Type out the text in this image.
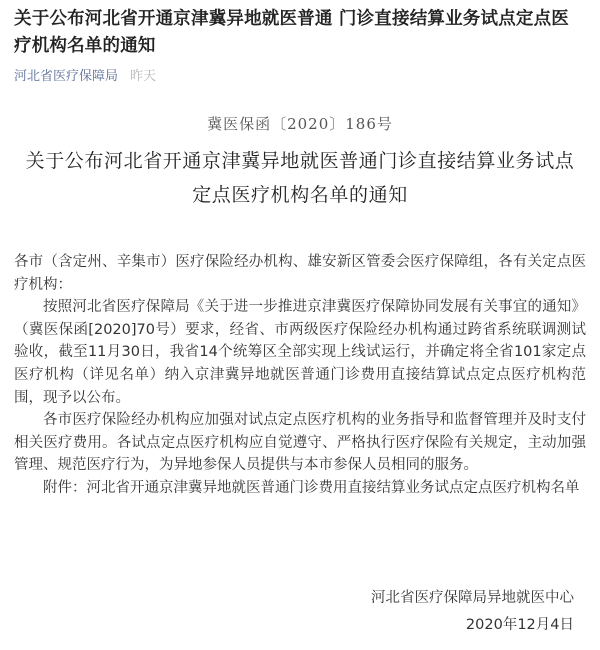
关于公布河北省开通京津冀异地就医普通 门诊直接结算业务试点定点医疗机构名单的通知
河北省医疗保障局 昨天
冀医保函〔2020〕186号
关于公布河北省开通京津冀异地就医普通门诊直接结算业务试点定点医疗机构名单的通知

各市（含定州、辛集市）医疗保险经办机构、雄安新区管委会医疗保障组，各有关定点医疗机构：

按照河北省医疗保障局《关于进一步推进京津冀医疗保障协同发展有关事宜的通知》（冀医保函[2020]70号）要求，经省、市两级医疗保险经办机构通过跨省系统联调测试验收，截至11月30日，我省14个统筹区全部实现上线试运行，并确定将全省101家定点医疗机构（详见名单）纳入京津冀异地就医普通门诊费用直接结算试点定点医疗机构范围，现予以公布。

各市医疗保险经办机构应加强对试点定点医疗机构的业务指导和监督管理并及时支付相关医疗费用。各试点定点医疗机构应自觉遵守、严格执行医疗保险有关规定，主动加强管理、规范医疗行为，为异地参保人员提供与本市参保人员相同的服务。

附件：河北省开通京津冀异地就医普通门诊费用直接结算业务试点定点医疗机构名单

河北省医疗保障局异地就医中心
2020年12月4日
